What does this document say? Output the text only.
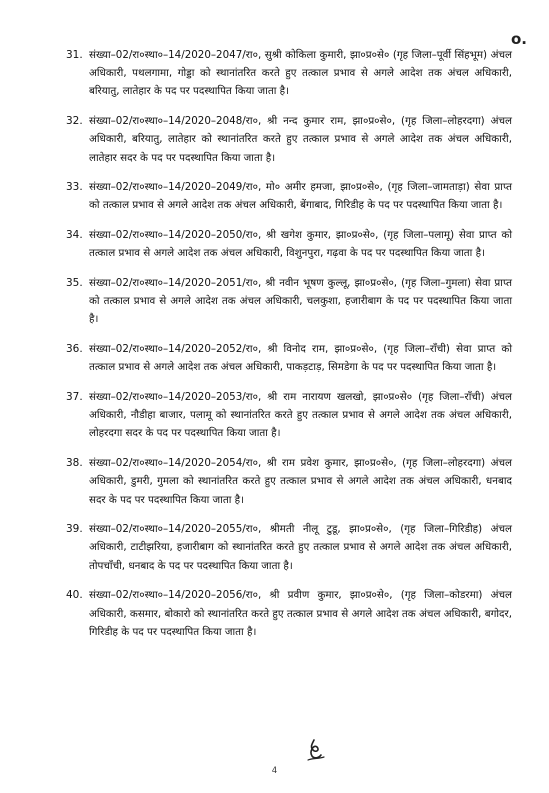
o.
31. संख्या–02/रा०स्था०–14/2020–2047/रा०, सुश्री कोकिला कुमारी, झा०प्र०से० (गृह जिला–पूर्वी सिंहभूम) अंचल अधिकारी, पथलगामा, गोड्डा को स्थानांतरित करते हुए तत्काल प्रभाव से अगले आदेश तक अंचल अधिकारी, बरियातु, लातेहार के पद पर पदस्थापित किया जाता है।
32. संख्या–02/रा०स्था०–14/2020–2048/रा०, श्री नन्द कुमार राम, झा०प्र०से०, (गृह जिला–लोहरदगा) अंचल अधिकारी, बरियातु, लातेहार को स्थानांतरित करते हुए तत्काल प्रभाव से अगले आदेश तक अंचल अधिकारी, लातेहार सदर के पद पर पदस्थापित किया जाता है।
33. संख्या–02/रा०स्था०–14/2020–2049/रा०, मो० अमीर हमजा, झा०प्र०से०, (गृह जिला–जामताड़ा) सेवा प्राप्त को तत्काल प्रभाव से अगले आदेश तक अंचल अधिकारी, बेंगाबाद, गिरिडीह के पद पर पदस्थापित किया जाता है।
34. संख्या–02/रा०स्था०–14/2020–2050/रा०, श्री खगेश कुमार, झा०प्र०से०, (गृह जिला–पलामू) सेवा प्राप्त को तत्काल प्रभाव से अगले आदेश तक अंचल अधिकारी, विशुनपुरा, गढ़वा के पद पर पदस्थापित किया जाता है।
35. संख्या–02/रा०स्था०–14/2020–2051/रा०, श्री नवीन भूषण कुल्लू, झा०प्र०से०, (गृह जिला–गुमला) सेवा प्राप्त को तत्काल प्रभाव से अगले आदेश तक अंचल अधिकारी, चलकुशा, हजारीबाग के पद पर पदस्थापित किया जाता है।
36. संख्या–02/रा०स्था०–14/2020–2052/रा०, श्री विनोद राम, झा०प्र०से०, (गृह जिला–राँची) सेवा प्राप्त को तत्काल प्रभाव से अगले आदेश तक अंचल अधिकारी, पाकड़टाड़, सिमडेगा के पद पर पदस्थापित किया जाता है।
37. संख्या–02/रा०स्था०–14/2020–2053/रा०, श्री राम नारायण खलखो, झा०प्र०से० (गृह जिला–राँची) अंचल अधिकारी, नौडीहा बाजार, पलामू को स्थानांतरित करते हुए तत्काल प्रभाव से अगले आदेश तक अंचल अधिकारी, लोहरदगा सदर के पद पर पदस्थापित किया जाता है।
38. संख्या–02/रा०स्था०–14/2020–2054/रा०, श्री राम प्रवेश कुमार, झा०प्र०से०, (गृह जिला–लोहरदगा) अंचल अधिकारी, डुमरी, गुमला को स्थानांतरित करते हुए तत्काल प्रभाव से अगले आदेश तक अंचल अधिकारी, धनबाद सदर के पद पर पदस्थापित किया जाता है।
39. संख्या–02/रा०स्था०–14/2020–2055/रा०, श्रीमती नीलू टुडू, झा०प्र०से०, (गृह जिला–गिरिडीह) अंचल अधिकारी, टाटीझरिया, हजारीबाग को स्थानांतरित करते हुए तत्काल प्रभाव से अगले आदेश तक अंचल अधिकारी, तोपचाँची, धनबाद के पद पर पदस्थापित किया जाता है।
40. संख्या–02/रा०स्था०–14/2020–2056/रा०, श्री प्रवीण कुमार, झा०प्र०से०, (गृह जिला–कोडरमा) अंचल अधिकारी, कसमार, बोकारो को स्थानांतरित करते हुए तत्काल प्रभाव से अगले आदेश तक अंचल अधिकारी, बगोदर, गिरिडीह के पद पर पदस्थापित किया जाता है।
4
